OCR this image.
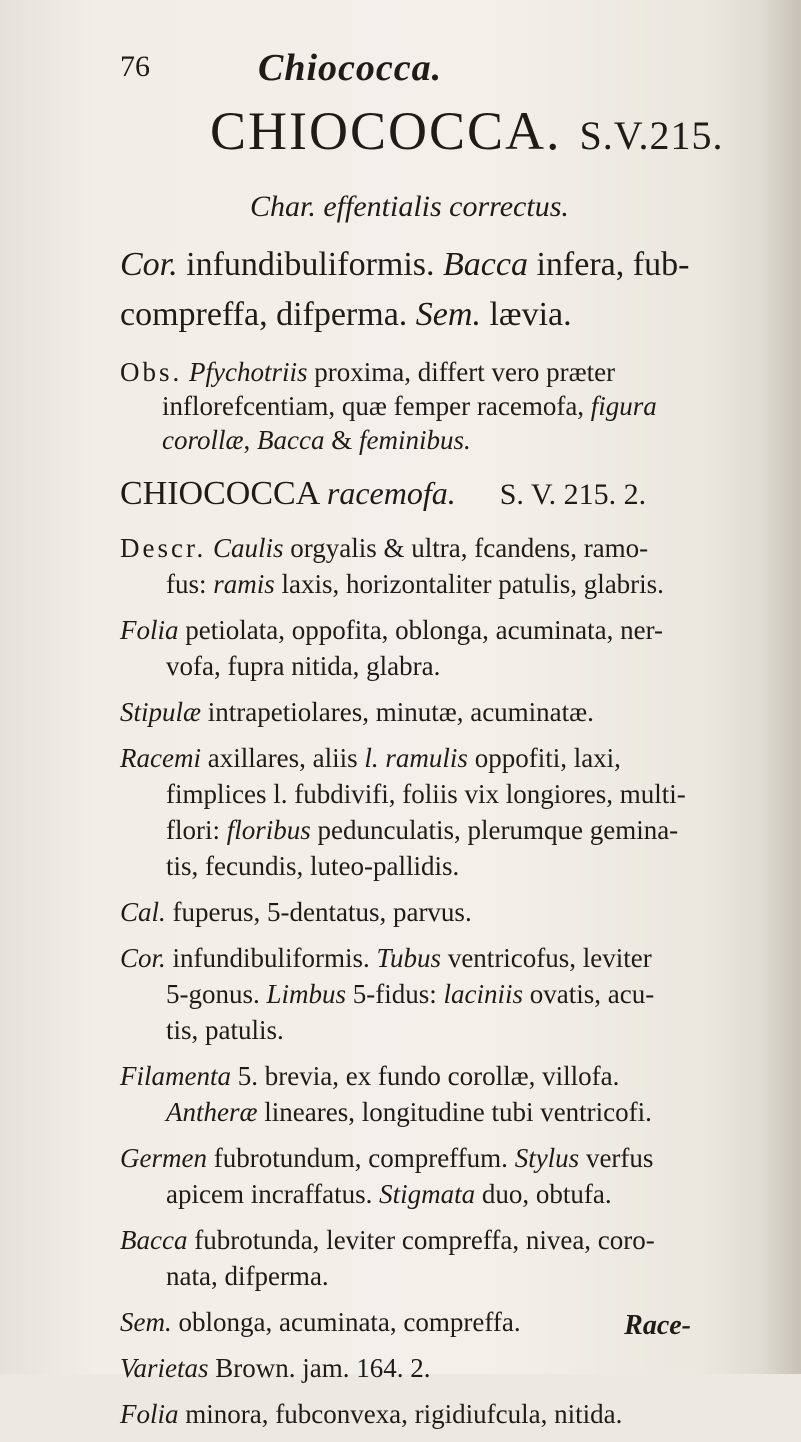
76	Chiococca.
CHIOCOCCA. S.V.215.
Char. effentialis correctus.
Cor. infundibuliformis. Bacca infera, fub-
compreffa, difperma. Sem. lævia.
Obs. Pfychotriis proxima, differt vero præter
inflorefcentiam, quæ femper racemofa, figura
corollæ, Bacca & feminibus.
CHIOCOCCA racemofa. S. V. 215. 2.

Descr. Caulis orgyalis & ultra, fcandens, ramo-
fus: ramis laxis, horizontaliter patulis, glabris.

Folia petiolata, oppofita, oblonga, acuminata, ner-
vofa, fupra nitida, glabra.

Stipulæ intrapetiolares, minutæ, acuminatæ.

Racemi axillares, aliis l. ramulis oppofiti, laxi,
fimplices l. fubdivifi, foliis vix longiores, multi-
flori: floribus pedunculatis, plerumque gemina-
tis, fecundis, luteo-pallidis.

Cal. fuperus, 5-dentatus, parvus.

Cor. infundibuliformis. Tubus ventricofus, leviter
5-gonus. Limbus 5-fidus: laciniis ovatis, acu-
tis, patulis.

Filamenta 5. brevia, ex fundo corollæ, villofa.
Antheræ lineares, longitudine tubi ventricofi.

Germen fubrotundum, compreffum. Stylus verfus
apicem incraffatus. Stigmata duo, obtufa.

Bacca fubrotunda, leviter compreffa, nivea, coro-
nata, difperma.

Sem. oblonga, acuminata, compreffa.

Varietas Brown. jam. 164. 2.

Folia minora, fubconvexa, rigidiufcula, nitida.

Race-
